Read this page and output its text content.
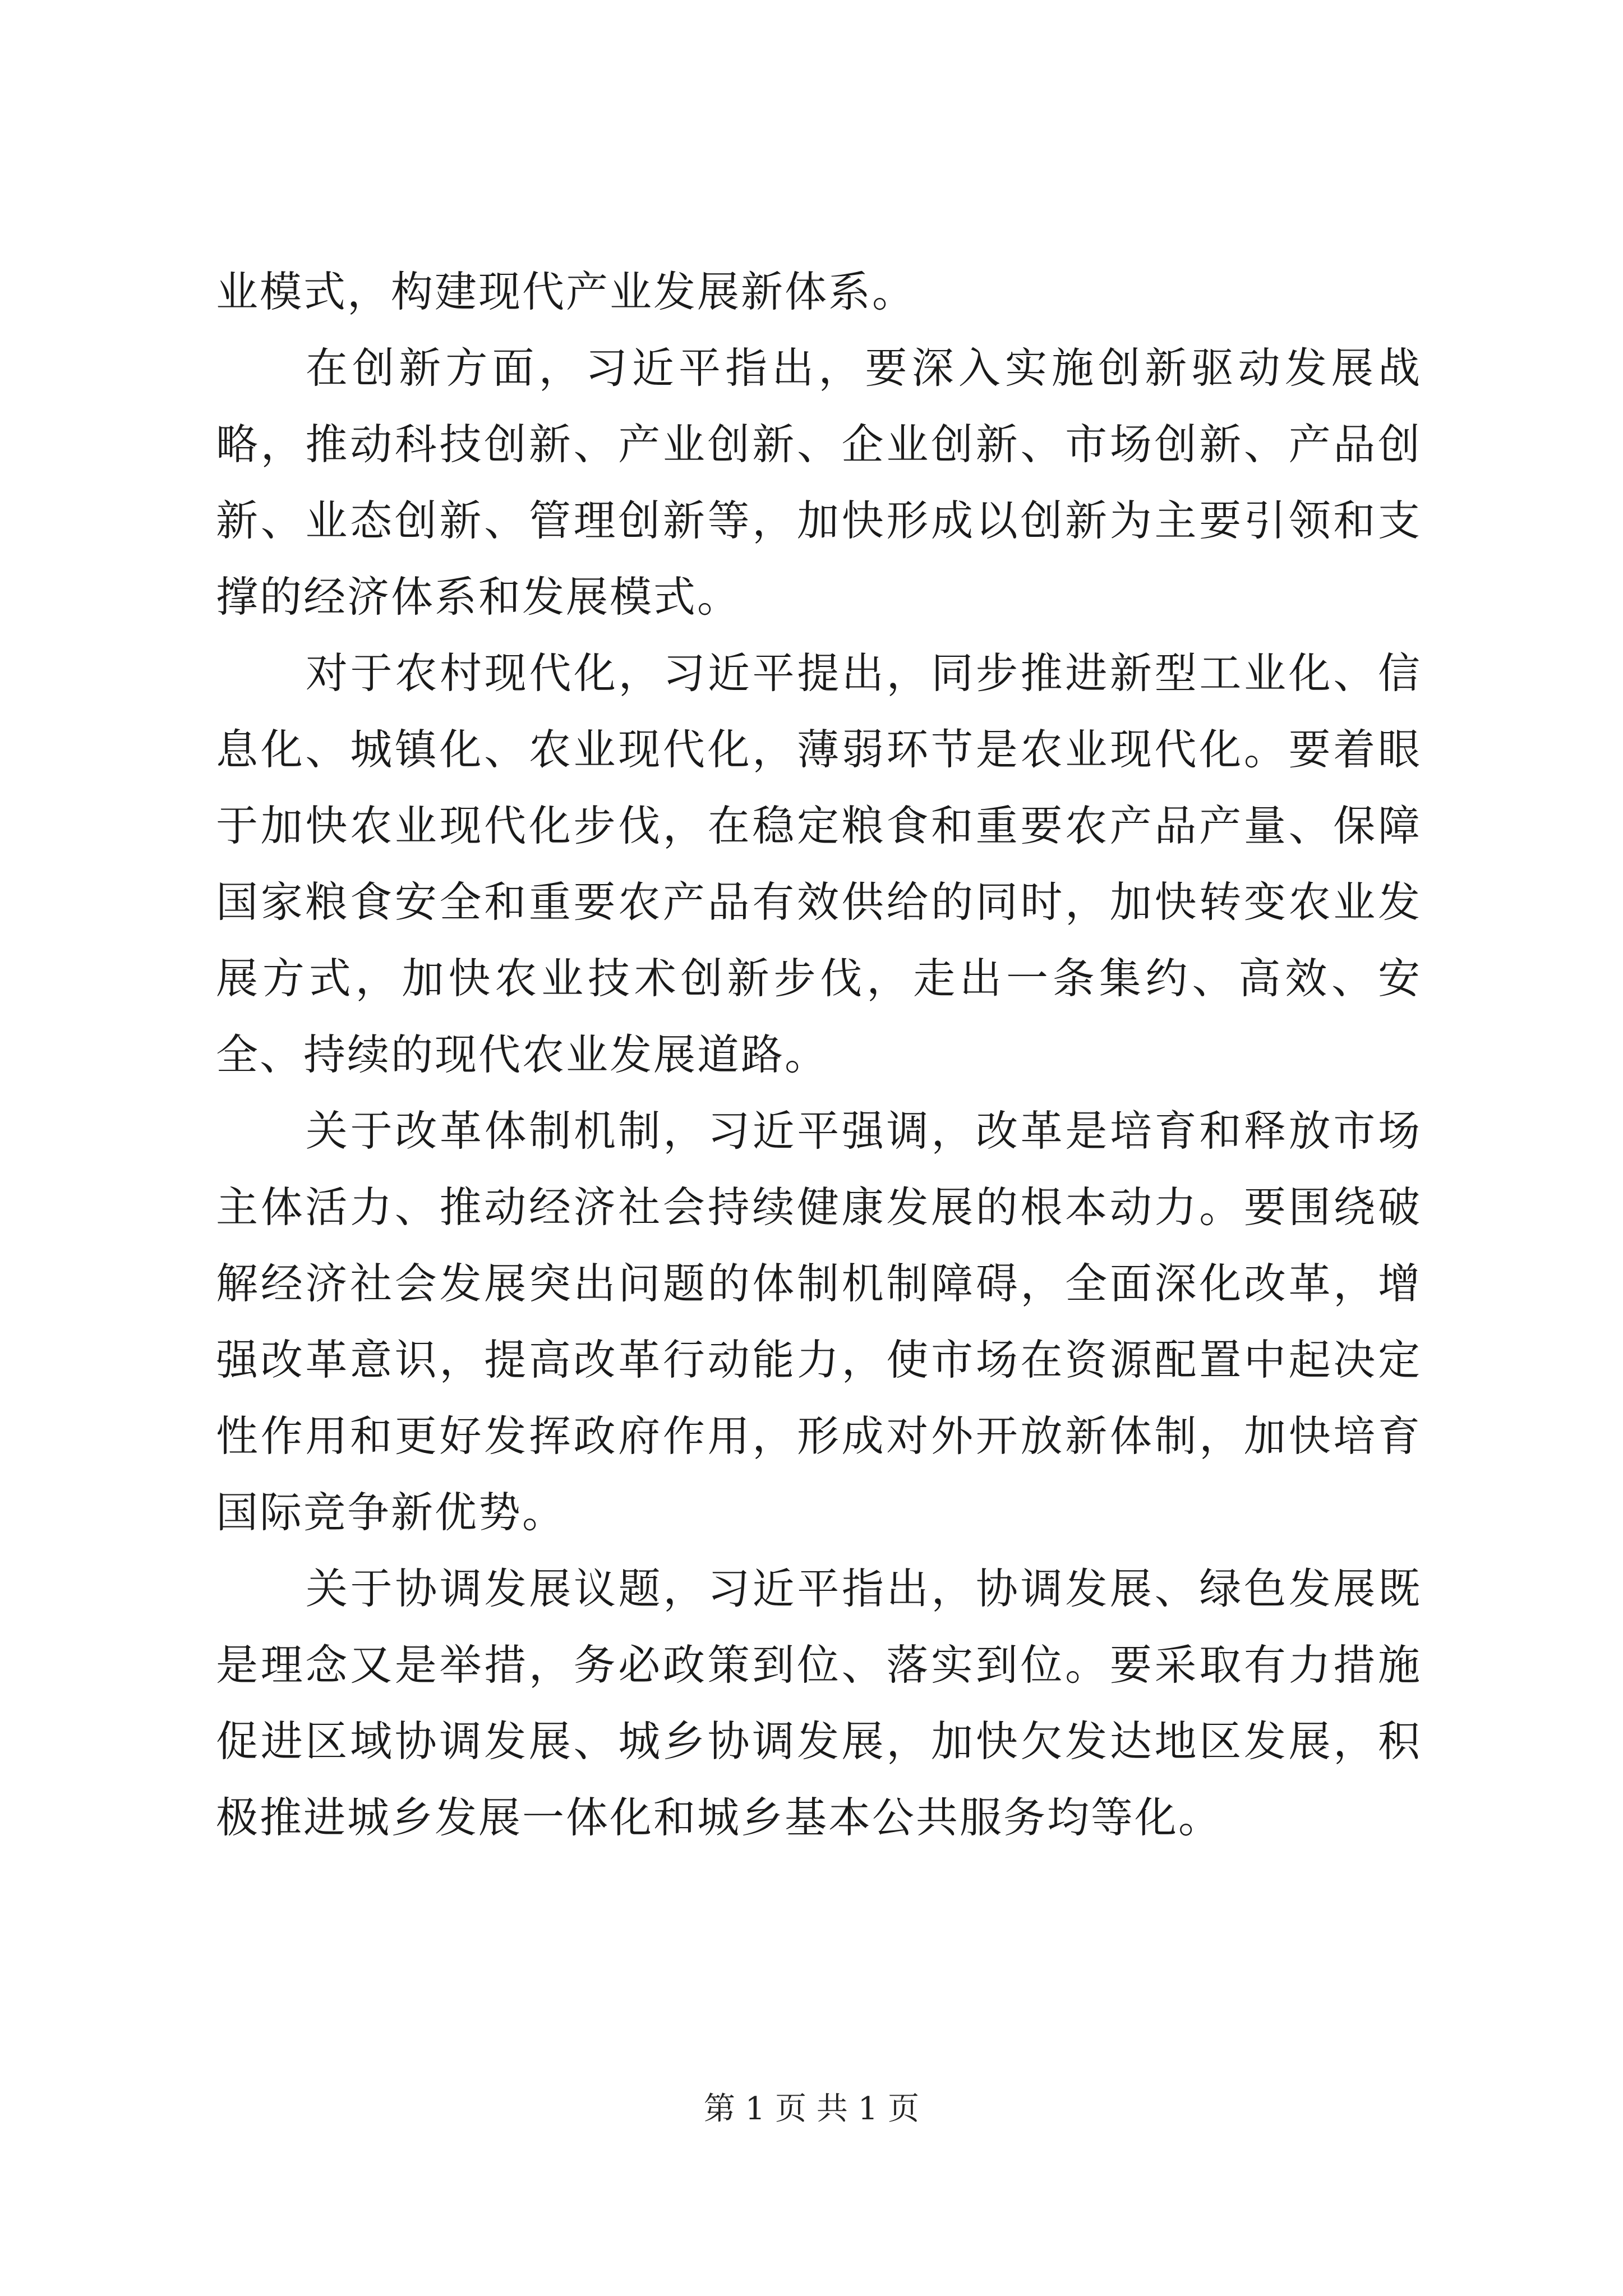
业模式，构建现代产业发展新体系。

在创新方面，习近平指出，要深入实施创新驱动发展战略，推动科技创新、产业创新、企业创新、市场创新、产品创新、业态创新、管理创新等，加快形成以创新为主要引领和支撑的经济体系和发展模式。

对于农村现代化，习近平提出，同步推进新型工业化、信息化、城镇化、农业现代化，薄弱环节是农业现代化。要着眼于加快农业现代化步伐，在稳定粮食和重要农产品产量、保障国家粮食安全和重要农产品有效供给的同时，加快转变农业发展方式，加快农业技术创新步伐，走出一条集约、高效、安全、持续的现代农业发展道路。

关于改革体制机制，习近平强调，改革是培育和释放市场主体活力、推动经济社会持续健康发展的根本动力。要围绕破解经济社会发展突出问题的体制机制障碍，全面深化改革，增强改革意识，提高改革行动能力，使市场在资源配置中起决定性作用和更好发挥政府作用，形成对外开放新体制，加快培育国际竞争新优势。

关于协调发展议题，习近平指出，协调发展、绿色发展既是理念又是举措，务必政策到位、落实到位。要采取有力措施促进区域协调发展、城乡协调发展，加快欠发达地区发展，积极推进城乡发展一体化和城乡基本公共服务均等化。

第 1 页 共 1 页
